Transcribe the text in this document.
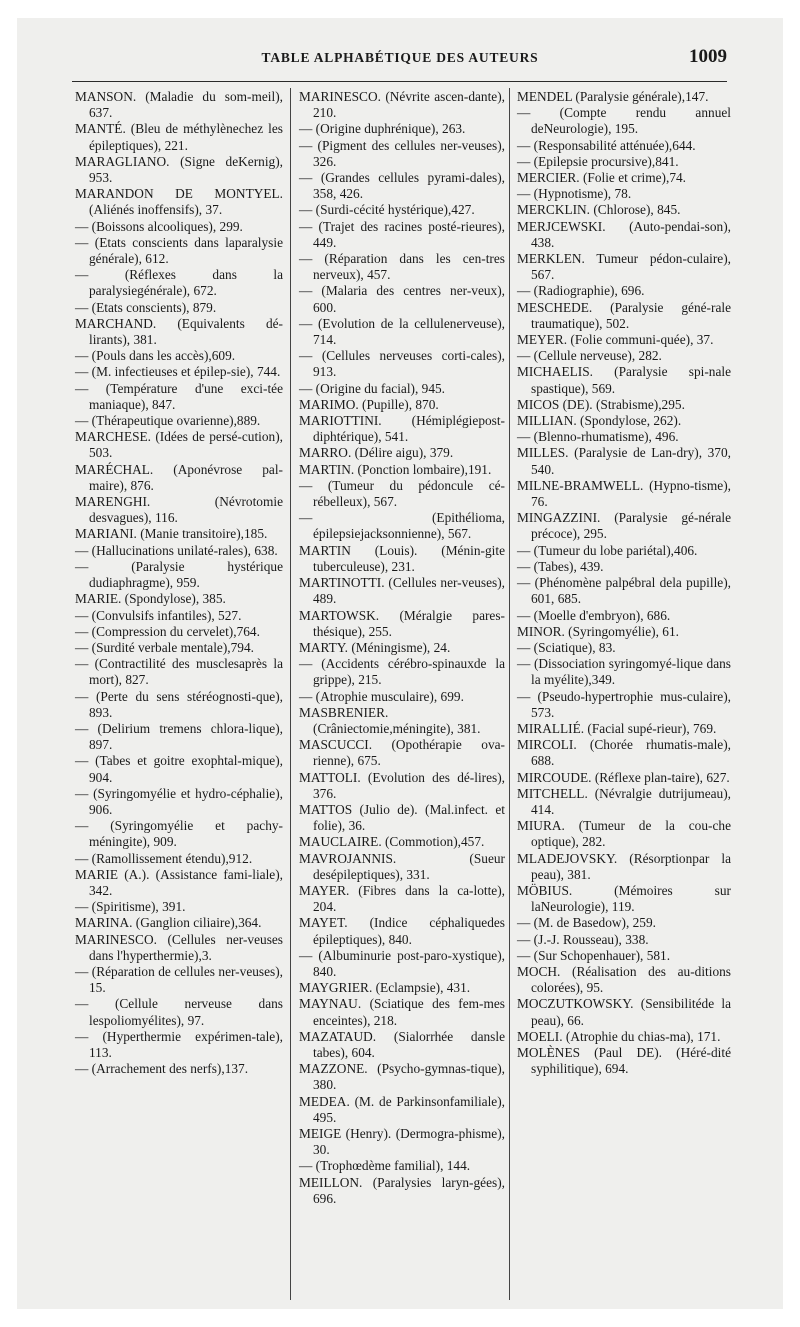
TABLE ALPHABÉTIQUE DES AUTEURS	1009
MANSON. (Maladie du som-meil), 637.
MANTÉ. (Bleu de méthylènechez les épileptiques), 221.
MARAGLIANO. (Signe deKernig), 953.
MARANDON DE MONTYEL.(Aliénés inoffensifs), 37.
— (Boissons alcooliques), 299.
— (Etats conscients dans laparalysie générale), 612.
— (Réflexes dans la paralysiegénérale), 672.
— (Etats conscients), 879.
MARCHAND. (Equivalents dé-lirants), 381.
— (Pouls dans les accès),609.
— (M. infectieuses et épilep-sie), 744.
— (Température d'une exci-tée maniaque), 847.
— (Thérapeutique ovarienne),889.
MARCHESE. (Idées de persé-cution), 503.
MARÉCHAL. (Aponévrose pal-maire), 876.
MARENGHI. (Névrotomie desvagues), 116.
MARIANI. (Manie transitoire),185.
— (Hallucinations unilaté-rales), 638.
— (Paralysie hystérique dudiaphragme), 959.
MARIE. (Spondylose), 385.
— (Convulsifs infantiles), 527.
— (Compression du cervelet),764.
— (Surdité verbale mentale),794.
— (Contractilité des musclesaprès la mort), 827.
— (Perte du sens stéréognosti-que), 893.
— (Delirium tremens chlora-lique), 897.
— (Tabes et goitre exophtal-mique), 904.
— (Syringomyélie et hydro-céphalie), 906.
— (Syringomyélie et pachy-méningite), 909.
— (Ramollissement étendu),912.
MARIE (A.). (Assistance fami-liale), 342.
— (Spiritisme), 391.
MARINA. (Ganglion ciliaire),364.
MARINESCO. (Cellules ner-veuses dans l'hyperthermie),3.
— (Réparation de cellules ner-veuses), 15.
— (Cellule nerveuse dans lespoliomyélites), 97.
— (Hyperthermie expérimen-tale), 113.
— (Arrachement des nerfs),137.
MARINESCO. (Névrite ascen-dante), 210.
— (Origine duphrénique), 263.
— (Pigment des cellules ner-veuses), 326.
— (Grandes cellules pyrami-dales), 358, 426.
— (Surdi-cécité hystérique),427.
— (Trajet des racines posté-rieures), 449.
— (Réparation dans les cen-tres nerveux), 457.
— (Malaria des centres ner-veux), 600.
— (Evolution de la cellulenerveuse), 714.
— (Cellules nerveuses corti-cales), 913.
— (Origine du facial), 945.
MARIMO. (Pupille), 870.
MARIOTTINI. (Hémiplégiepost-diphtérique), 541.
MARRO. (Délire aigu), 379.
MARTIN. (Ponction lombaire),191.
— (Tumeur du pédoncule cé-rébelleux), 567.
— (Epithélioma, épilepsiejacksonnienne), 567.
MARTIN (Louis). (Ménin-gite tuberculeuse), 231.
MARTINOTTI. (Cellules ner-veuses), 489.
MARTOWSK. (Méralgie pares-thésique), 255.
MARTY. (Méningisme), 24.
— (Accidents cérébro-spinauxde la grippe), 215.
— (Atrophie musculaire), 699.
MASBRENIER. (Crâniectomie,méningite), 381.
MASCUCCI. (Opothérapie ova-rienne), 675.
MATTOLI. (Evolution des dé-lires), 376.
MATTOS (Julio de). (Mal.infect. et folie), 36.
MAUCLAIRE. (Commotion),457.
MAVROJANNIS. (Sueur desépileptiques), 331.
MAYER. (Fibres dans la ca-lotte), 204.
MAYET. (Indice céphaliquedes épileptiques), 840.
— (Albuminurie post-paro-xystique), 840.
MAYGRIER. (Eclampsie), 431.
MAYNAU. (Sciatique des fem-mes enceintes), 218.
MAZATAUD. (Sialorrhée dansle tabes), 604.
MAZZONE. (Psycho-gymnas-tique), 380.
MEDEA. (M. de Parkinsonfamiliale), 495.
MEIGE (Henry). (Dermogra-phisme), 30.
— (Trophœdème familial), 144.
MEILLON. (Paralysies laryn-gées), 696.
MENDEL (Paralysie générale),147.
— (Compte rendu annuel deNeurologie), 195.
— (Responsabilité atténuée),644.
— (Epilepsie procursive),841.
MERCIER. (Folie et crime),74.
— (Hypnotisme), 78.
MERCKLIN. (Chlorose), 845.
MERJCEWSKI. (Auto-pendai-son), 438.
MERKLEN. Tumeur pédon-culaire), 567.
— (Radiographie), 696.
MESCHEDE. (Paralysie géné-rale traumatique), 502.
MEYER. (Folie communi-quée), 37.
— (Cellule nerveuse), 282.
MICHAELIS. (Paralysie spi-nale spastique), 569.
MICOS (DE). (Strabisme),295.
MILLIAN. (Spondylose, 262).
— (Blenno-rhumatisme), 496.
MILLES. (Paralysie de Lan-dry), 370, 540.
MILNE-BRAMWELL. (Hypno-tisme), 76.
MINGAZZINI. (Paralysie gé-nérale précoce), 295.
— (Tumeur du lobe pariétal),406.
— (Tabes), 439.
— (Phénomène palpébral dela pupille), 601, 685.
— (Moelle d'embryon), 686.
MINOR. (Syringomyélie), 61.
— (Sciatique), 83.
— (Dissociation syringomyé-lique dans la myélite),349.
— (Pseudo-hypertrophie mus-culaire), 573.
MIRALLIÉ. (Facial supé-rieur), 769.
MIRCOLI. (Chorée rhumatis-male), 688.
MIRCOUDE. (Réflexe plan-taire), 627.
MITCHELL. (Névralgie dutrijumeau), 414.
MIURA. (Tumeur de la cou-che optique), 282.
MLADEJOVSKY. (Résorptionpar la peau), 381.
MÖBIUS. (Mémoires sur laNeurologie), 119.
— (M. de Basedow), 259.
— (J.-J. Rousseau), 338.
— (Sur Schopenhauer), 581.
MOCH. (Réalisation des au-ditions colorées), 95.
MOCZUTKOWSKY. (Sensibilitéde la peau), 66.
MOELI. (Atrophie du chias-ma), 171.
MOLÈNES (Paul DE). (Héré-dité syphilitique), 694.
